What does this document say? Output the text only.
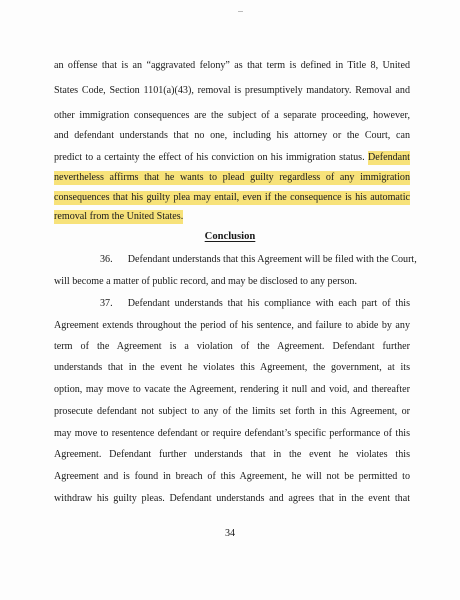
an offense that is an “aggravated felony” as that term is defined in Title 8, United
States Code, Section 1101(a)(43), removal is presumptively mandatory. Removal and
other immigration consequences are the subject of a separate proceeding, however,
and defendant understands that no one, including his attorney or the Court, can
predict to a certainty the effect of his conviction on his immigration status. Defendant
nevertheless affirms that he wants to plead guilty regardless of any immigration
consequences that his guilty plea may entail, even if the consequence is his automatic
removal from the United States.
Conclusion
36.  Defendant understands that this Agreement will be filed with the Court,
will become a matter of public record, and may be disclosed to any person.
37.  Defendant understands that his compliance with each part of this
Agreement extends throughout the period of his sentence, and failure to abide by any
term of the Agreement is a violation of the Agreement. Defendant further
understands that in the event he violates this Agreement, the government, at its
option, may move to vacate the Agreement, rendering it null and void, and thereafter
prosecute defendant not subject to any of the limits set forth in this Agreement, or
may move to resentence defendant or require defendant’s specific performance of this
Agreement. Defendant further understands that in the event he violates this
Agreement and is found in breach of this Agreement, he will not be permitted to
withdraw his guilty pleas. Defendant understands and agrees that in the event that
34
